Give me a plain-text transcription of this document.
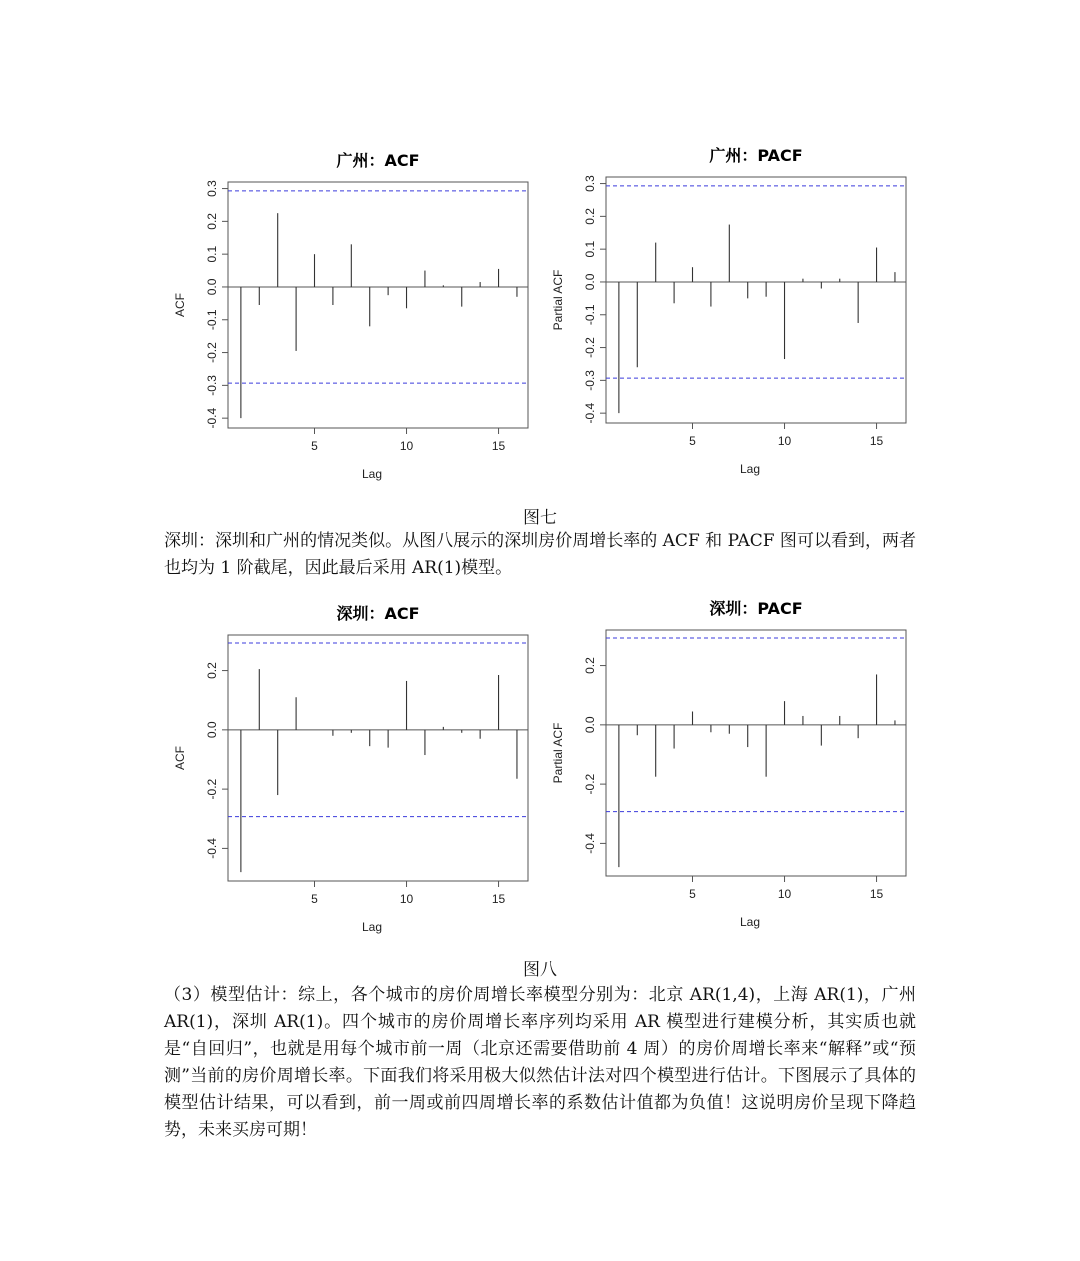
广州：ACF
-0.4
-0.3
-0.2
-0.1
0.0
0.1
0.2
0.3
5	10	15
Lag
ACF
广州：PACF
-0.4
-0.3
-0.2
-0.1
0.0
0.1
0.2
0.3
5	10	15
Lag
Partial ACF
图七

深圳：深圳和广州的情况类似。从图八展示的深圳房价周增长率的 ACF 和 PACF 图可以看到，两者也均为 1 阶截尾，因此最后采用 AR(1)模型。

深圳：ACF
-0.4
-0.2
0.0
0.2
5	10	15
Lag
ACF
深圳：PACF
-0.4
-0.2
0.0
0.2
5	10	15
Lag
Partial ACF
图八

（3）模型估计：综上，各个城市的房价周增长率模型分别为：北京 AR(1,4)，上海 AR(1)，广州 AR(1)，深圳 AR(1)。四个城市的房价周增长率序列均采用 AR 模型进行建模分析，其实质也就是“自回归”，也就是用每个城市前一周（北京还需要借助前 4 周）的房价周增长率来“解释”或“预测”当前的房价周增长率。下面我们将采用极大似然估计法对四个模型进行估计。下图展示了具体的模型估计结果，可以看到，前一周或前四周增长率的系数估计值都为负值！这说明房价呈现下降趋势，未来买房可期！
